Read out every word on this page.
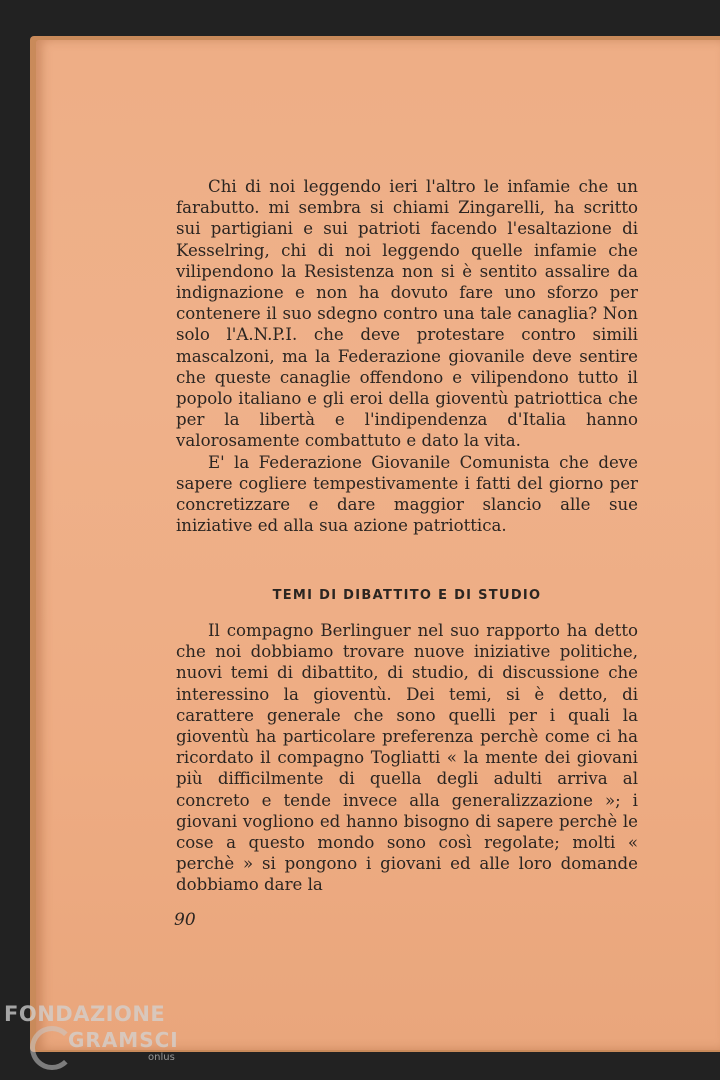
Chi di noi leggendo ieri l'altro le infamie che un farabutto. mi sembra si chiami Zingarelli, ha scritto sui partigiani e sui patrioti facendo l'esaltazione di Kesselring, chi di noi leggendo quelle infamie che vilipendono la Resistenza non si è sentito assalire da indignazione e non ha dovuto fare uno sforzo per contenere il suo sdegno contro una tale canaglia? Non solo l'A.N.P.I. che deve protestare contro simili mascalzoni, ma la Federazione giovanile deve sentire che queste canaglie offendono e vilipendono tutto il popolo italiano e gli eroi della gioventù patriottica che per la libertà e l'indipendenza d'Italia hanno valorosamente combattuto e dato la vita.

E' la Federazione Giovanile Comunista che deve sapere cogliere tempestivamente i fatti del giorno per concretizzare e dare maggior slancio alle sue iniziative ed alla sua azione patriottica.

TEMI DI DIBATTITO E DI STUDIO

Il compagno Berlinguer nel suo rapporto ha detto che noi dobbiamo trovare nuove iniziative politiche, nuovi temi di dibattito, di studio, di discussione che interessino la gioventù. Dei temi, si è detto, di carattere generale che sono quelli per i quali la gioventù ha particolare preferenza perchè come ci ha ricordato il compagno Togliatti « la mente dei giovani più difficilmente di quella degli adulti arriva al concreto e tende invece alla generalizzazione »; i giovani vogliono ed hanno bisogno di sapere perchè le cose a questo mondo sono così regolate; molti « perchè » si pongono i giovani ed alle loro domande dobbiamo dare la

90
FONDAZIONE
GRAMSCI
onlus
